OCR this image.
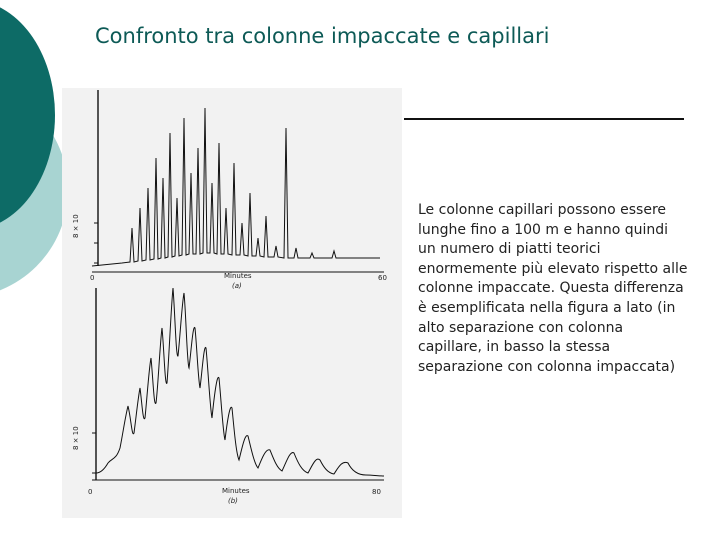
Confronto tra colonne impaccate e capillari
8 × 10
0	Minutes
(a)
60
8 × 10
0	Minutes
(b)
80
Le colonne capillari possono essere lunghe fino a 100 m e hanno quindi un numero di piatti teorici enormemente più elevato rispetto alle colonne impaccate. Questa differenza è esemplificata nella figura a lato (in alto separazione con colonna capillare, in basso la stessa separazione con colonna impaccata)
